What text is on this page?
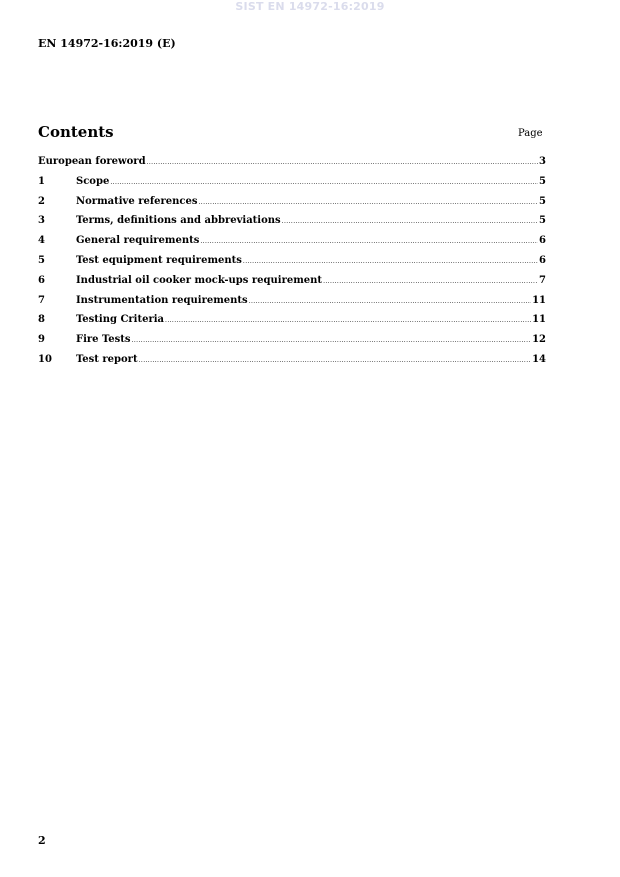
SIST EN 14972-16:2019
EN 14972-16:2019 (E)
Contents	Page
European foreword .....	3
1	Scope .....	5
2	Normative references .....	5
3	Terms, definitions and abbreviations .....	5
4	General requirements .....	6
5	Test equipment requirements .....	6
6	Industrial oil cooker mock-ups requirement .....	7
7	Instrumentation requirements .....	11
8	Testing Criteria .....	11
9	Fire Tests .....	12
10	Test report .....	14
2
